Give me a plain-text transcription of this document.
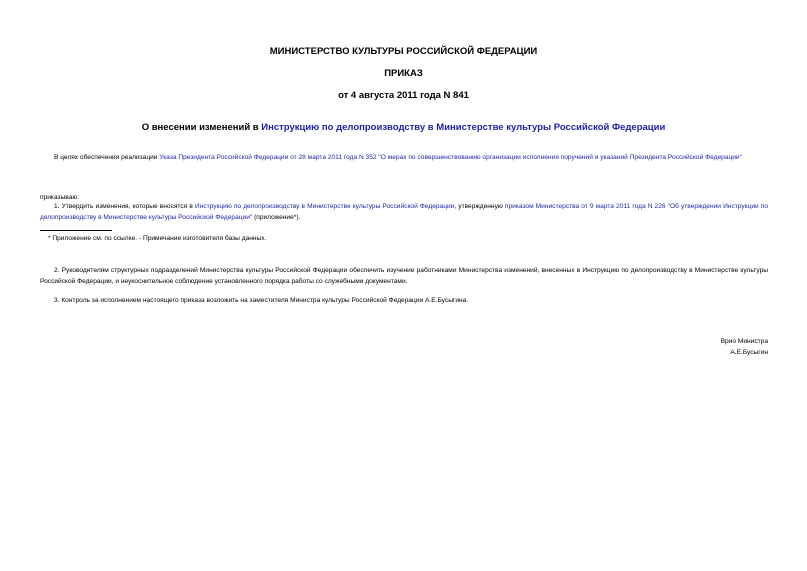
МИНИСТЕРСТВО КУЛЬТУРЫ РОССИЙСКОЙ ФЕДЕРАЦИИ
ПРИКАЗ
от 4 августа 2011 года N 841
О внесении изменений в Инструкцию по делопроизводству в Министерстве культуры Российской Федерации
В целях обеспечения реализации Указа Президента Российской Федерации от 28 марта 2011 года N 352 "О мерах по совершенствованию организации исполнения поручений и указаний Президента Российской Федерации"
приказываю:
1. Утвердить изменения, которые вносятся в Инструкцию по делопроизводству в Министерстве культуры Российской Федерации, утвержденную приказом Министерства от 9 марта 2011 года N 226 "Об утверждении Инструкции по делопроизводству в Министерстве культуры Российской Федерации" (приложение*).
* Приложение см. по ссылке. - Примечание изготовителя базы данных.
2. Руководителям структурных подразделений Министерства культуры Российской Федерации обеспечить изучение работниками Министерства изменений, внесенных в Инструкцию по делопроизводству в Министерстве культуры Российской Федерации, и неукоснительное соблюдение установленного порядка работы со служебными документами.
3. Контроль за исполнением настоящего приказа возложить на заместителя Министра культуры Российской Федерации А.Е.Бусыгина.
Врио Министра
А.Е.Бусыгин
